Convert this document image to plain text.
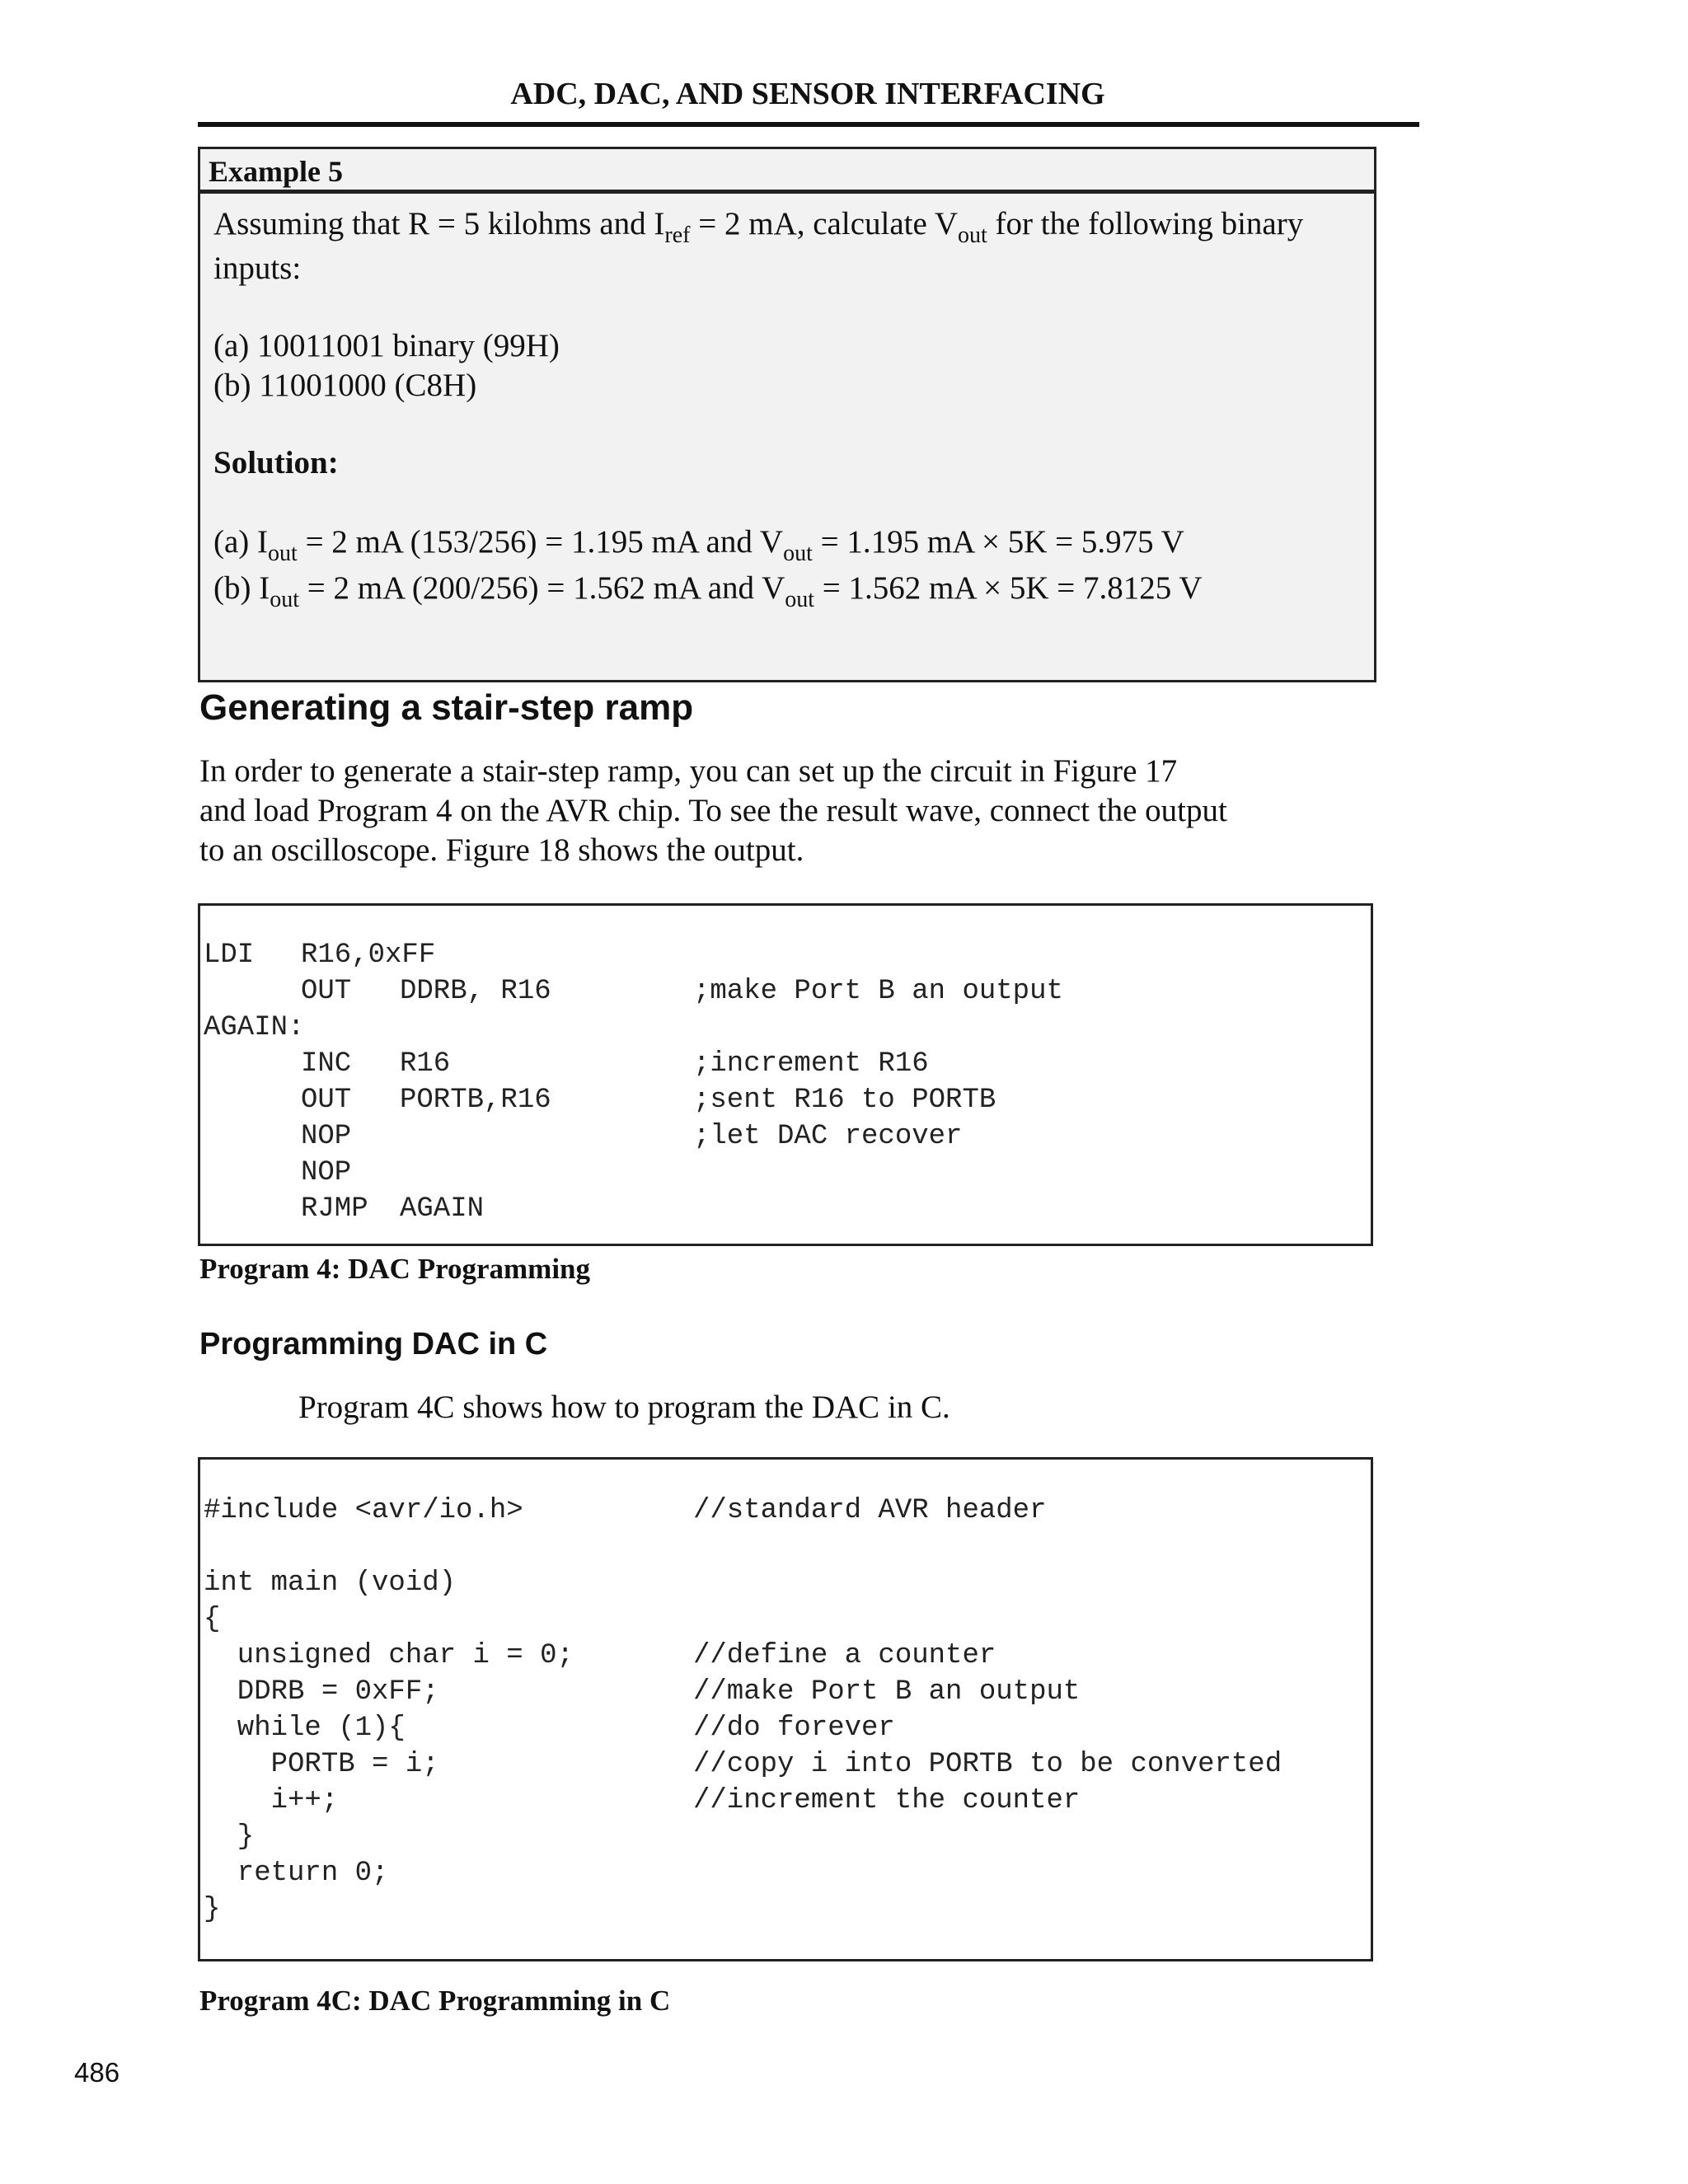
ADC, DAC, AND SENSOR INTERFACING
Example 5
Assuming that R = 5 kilohms and $I_{ref} = 2$ mA, calculate $V_{out}$ for the following binary
inputs:
(a) 10011001 binary (99H)
(b) 11001000 (C8H)
Solution:
(a) $I_{out} = 2$ mA (153/256) = 1.195 mA and $V_{out} = 1.195$ mA × 5K = 5.975 V
(b) $I_{out} = 2$ mA (200/256) = 1.562 mA and $V_{out} = 1.562$ mA × 5K = 7.8125 V
Generating a stair-step ramp
In order to generate a stair-step ramp, you can set up the circuit in Figure 17
and load Program 4 on the AVR chip. To see the result wave, connect the output
to an oscilloscope. Figure 18 shows the output.
LDI R16,0xFF
OUT DDRB, R16	;make Port B an output
AGAIN:
INC R16	;increment R16
OUT PORTB,R16	;sent R16 to PORTB
NOP	;let DAC recover
NOP
RJMP AGAIN
Program 4: DAC Programming
Programming DAC in C
Program 4C shows how to program the DAC in C.
#include <avr/io.h>	//standard AVR header
int main (void)
{
unsigned char i = 0;	//define a counter
DDRB = 0xFF;	//make Port B an output
while (1){	//do forever
PORTB = i;	//copy i into PORTB to be converted
i++;	//increment the counter
}
return 0;
}
Program 4C: DAC Programming in C
486
